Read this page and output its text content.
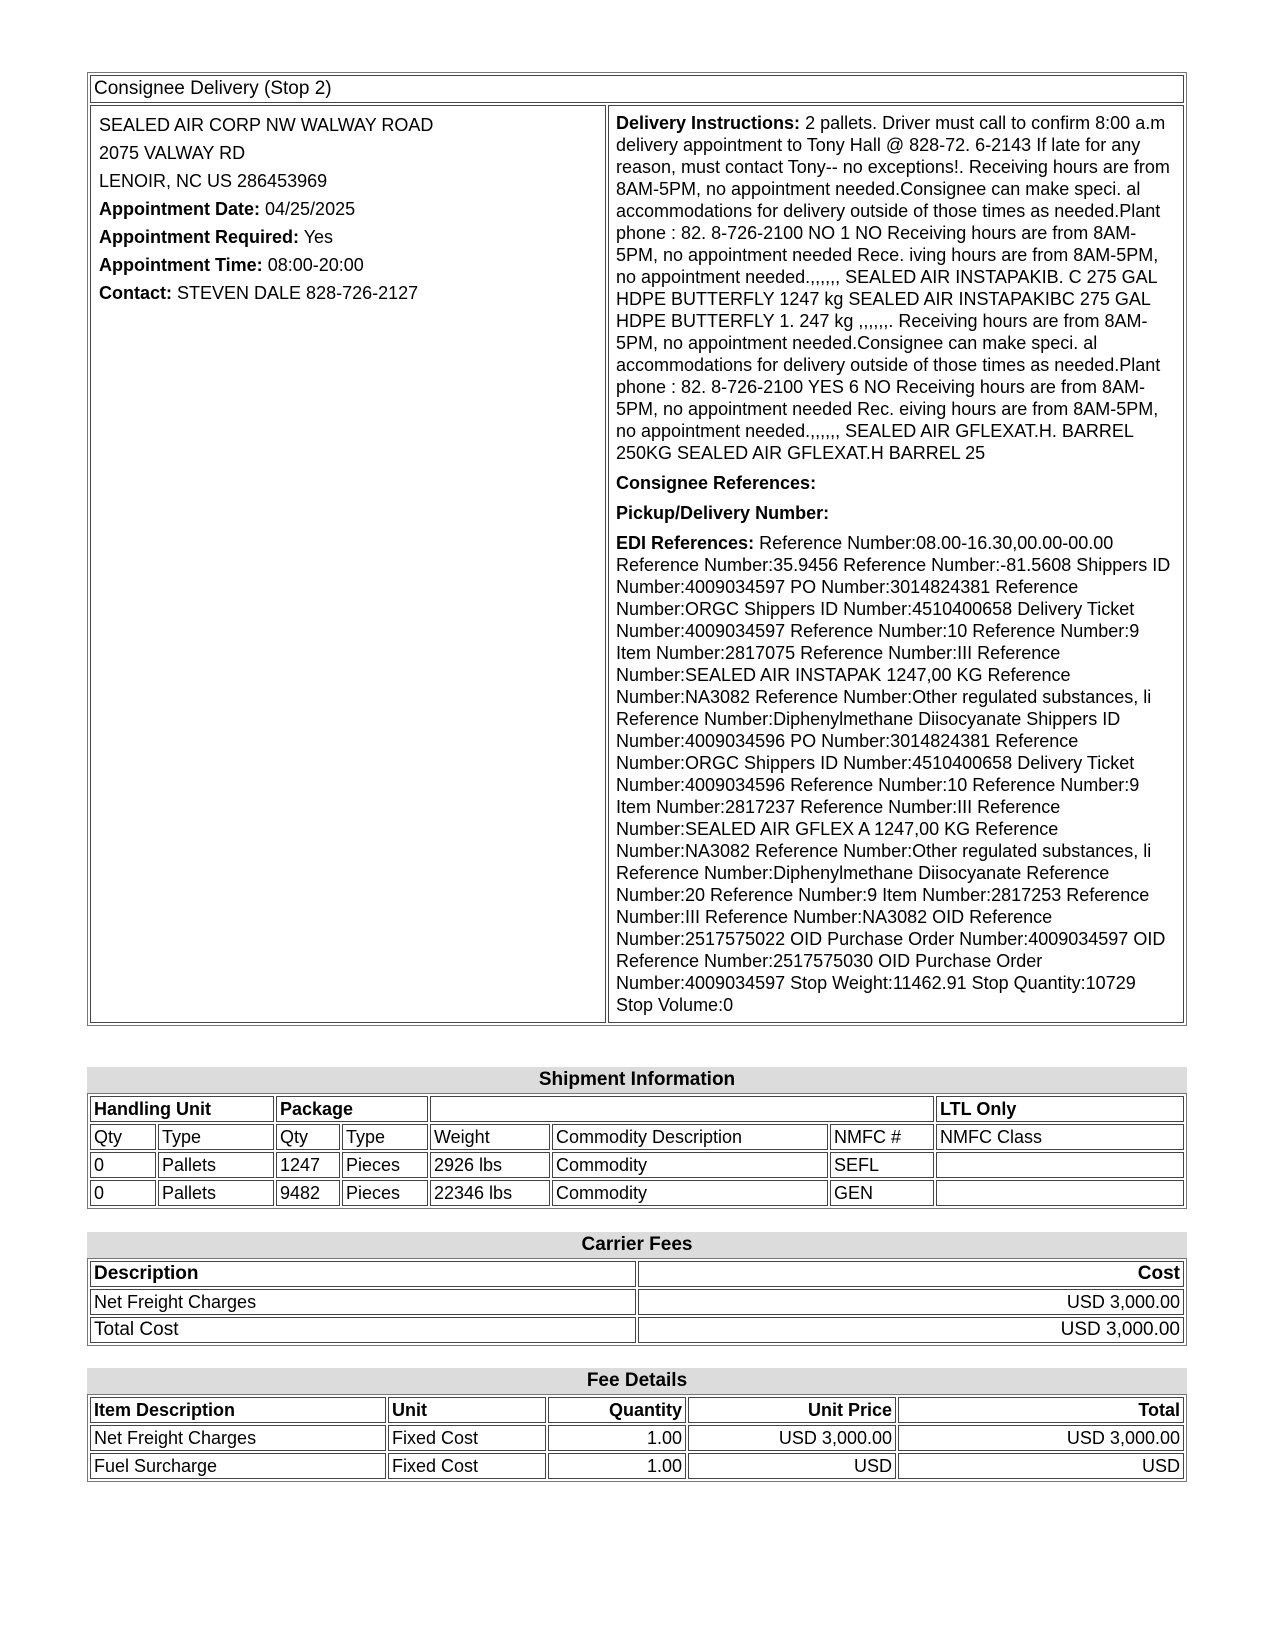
Consignee Delivery (Stop 2)

SEALED AIR CORP NW WALWAY ROAD
2075 VALWAY RD
LENOIR, NC US 286453969
Appointment Date: 04/25/2025
Appointment Required: Yes
Appointment Time: 08:00-20:00
Contact: STEVEN DALE 828-726-2127

Delivery Instructions: 2 pallets. Driver must call to confirm 8:00 a.m delivery appointment to Tony Hall @ 828-72. 6-2143 If late for any reason, must contact Tony-- no exceptions!. Receiving hours are from 8AM-5PM, no appointment needed.Consignee can make speci. al accommodations for delivery outside of those times as needed.Plant phone : 82. 8-726-2100 NO 1 NO Receiving hours are from 8AM-5PM, no appointment needed Rece. iving hours are from 8AM-5PM, no appointment needed.,,,,,, SEALED AIR INSTAPAKIB. C 275 GAL HDPE BUTTERFLY 1247 kg SEALED AIR INSTAPAKIBC 275 GAL HDPE BUTTERFLY 1. 247 kg ,,,,,,. Receiving hours are from 8AM-5PM, no appointment needed.Consignee can make speci. al accommodations for delivery outside of those times as needed.Plant phone : 82. 8-726-2100 YES 6 NO Receiving hours are from 8AM-5PM, no appointment needed Rec. eiving hours are from 8AM-5PM, no appointment needed.,,,,,, SEALED AIR GFLEXAT.H. BARREL 250KG SEALED AIR GFLEXAT.H BARREL 25

Consignee References:

Pickup/Delivery Number:

EDI References: Reference Number:08.00-16.30,00.00-00.00 Reference Number:35.9456 Reference Number:-81.5608 Shippers ID Number:4009034597 PO Number:3014824381 Reference Number:ORGC Shippers ID Number:4510400658 Delivery Ticket Number:4009034597 Reference Number:10 Reference Number:9 Item Number:2817075 Reference Number:III Reference Number:SEALED AIR INSTAPAK 1247,00 KG Reference Number:NA3082 Reference Number:Other regulated substances, li Reference Number:Diphenylmethane Diisocyanate Shippers ID Number:4009034596 PO Number:3014824381 Reference Number:ORGC Shippers ID Number:4510400658 Delivery Ticket Number:4009034596 Reference Number:10 Reference Number:9 Item Number:2817237 Reference Number:III Reference Number:SEALED AIR GFLEX A 1247,00 KG Reference Number:NA3082 Reference Number:Other regulated substances, li Reference Number:Diphenylmethane Diisocyanate Reference Number:20 Reference Number:9 Item Number:2817253 Reference Number:III Reference Number:NA3082 OID Reference Number:2517575022 OID Purchase Order Number:4009034597 OID Reference Number:2517575030 OID Purchase Order Number:4009034597 Stop Weight:11462.91 Stop Quantity:10729 Stop Volume:0

Shipment Information
Handling Unit		Package					LTL Only
Qty	Type	Qty	Type	Weight	Commodity Description	NMFC #	NMFC Class
0	Pallets	1247	Pieces	2926 lbs	Commodity	SEFL	
0	Pallets	9482	Pieces	22346 lbs	Commodity	GEN	
Carrier Fees
Description	Cost
Net Freight Charges	USD 3,000.00
Total Cost	USD 3,000.00
Fee Details
Item Description	Unit	Quantity	Unit Price	Total
Net Freight Charges	Fixed Cost	1.00	USD 3,000.00	USD 3,000.00
Fuel Surcharge	Fixed Cost	1.00	USD	USD
